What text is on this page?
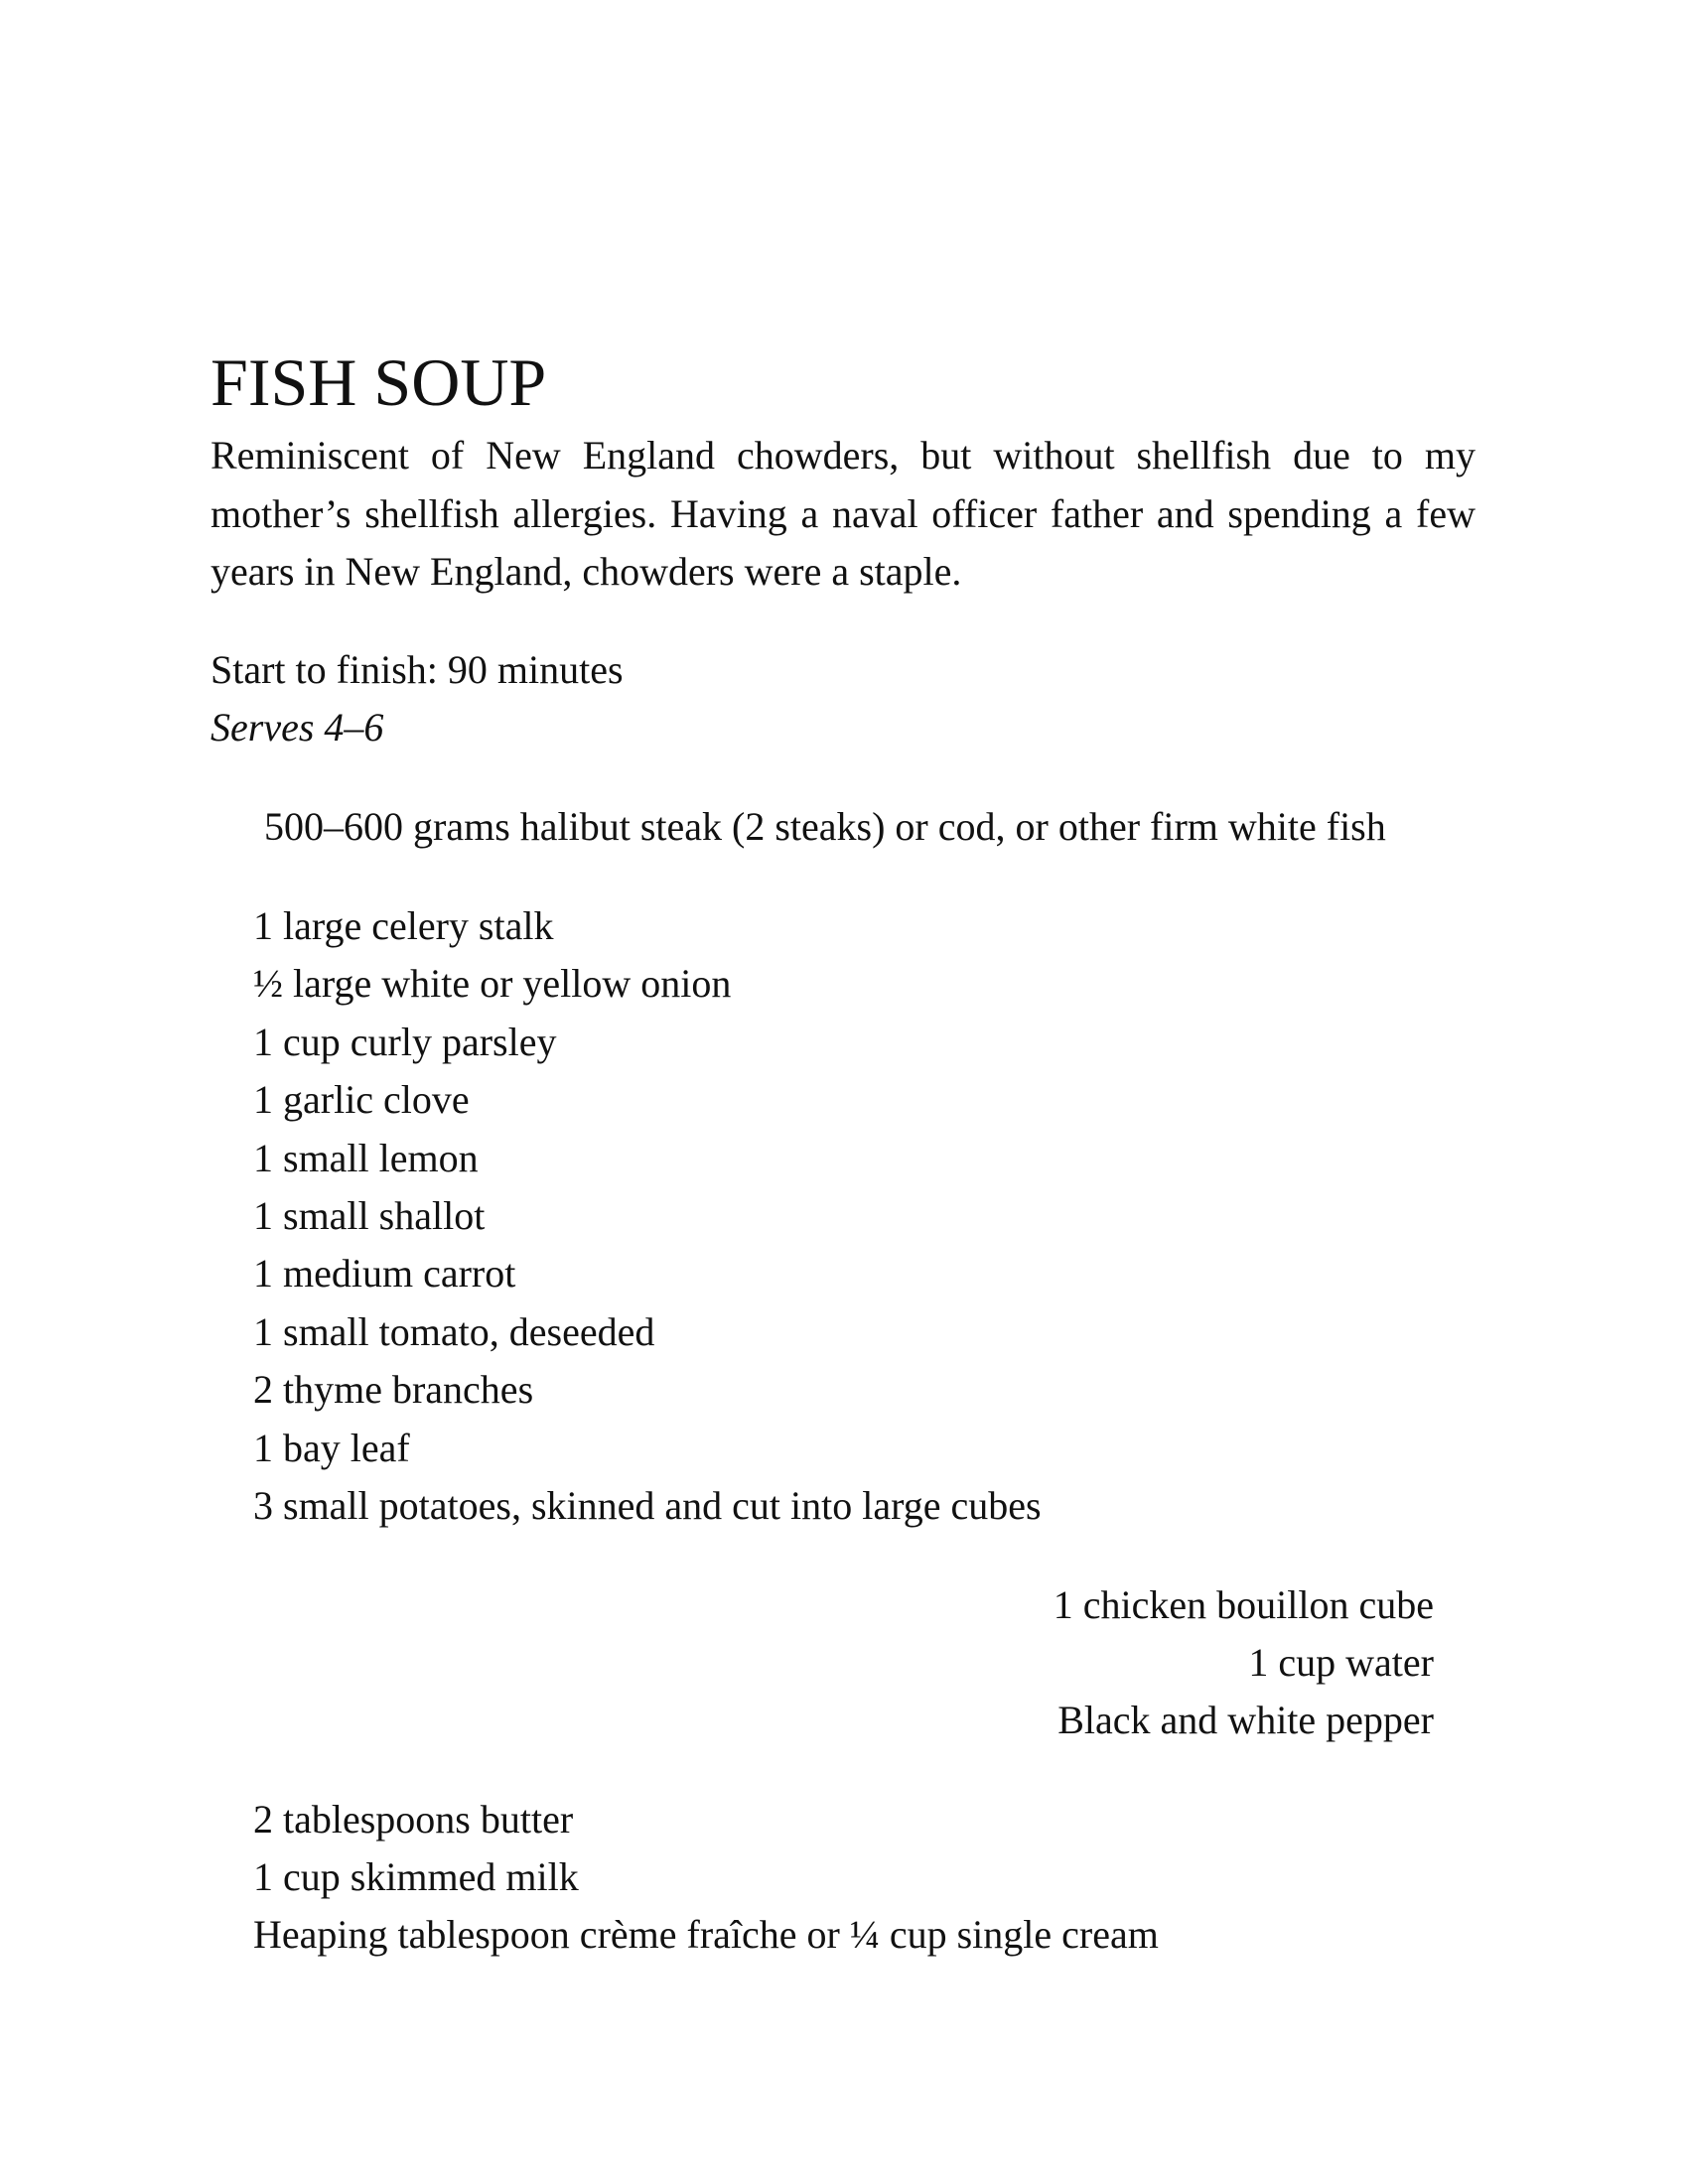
FISH SOUP

Reminiscent of New England chowders, but without shellfish due to my mother’s shellfish allergies. Having a naval officer father and spending a few years in New England, chowders were a staple.

Start to finish: 90 minutes
Serves 4–6
500–600 grams halibut steak (2 steaks) or cod, or other firm white fish
1 large celery stalk
½ large white or yellow onion
1 cup curly parsley
1 garlic clove
1 small lemon
1 small shallot
1 medium carrot
1 small tomato, deseeded
2 thyme branches
1 bay leaf
3 small potatoes, skinned and cut into large cubes
1 chicken bouillon cube
1 cup water
Black and white pepper
2 tablespoons butter
1 cup skimmed milk
Heaping tablespoon crème fraîche or ¼ cup single cream
